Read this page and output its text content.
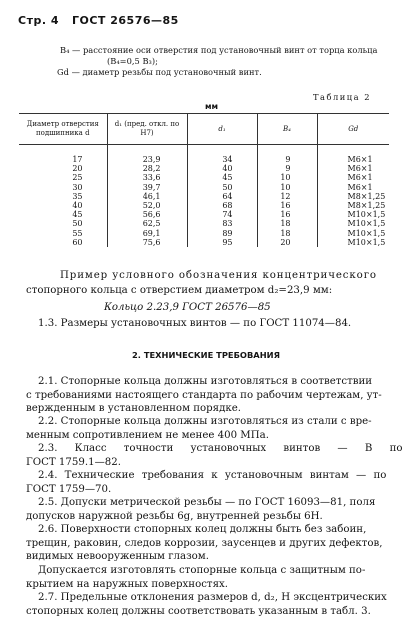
Стр. 4 ГОСТ 26576—85
B₄ — расстояние оси отверстия под установочный винт от торца кольца
(B₄=0,5 B₃);
Gd — диаметр резьбы под установочный винт.
Таблица 2
мм
Диаметр отверстия подшипника d	d₁ (пред. откл. по H7)	d₁	B₄	Gd
17	23,9	34	9	M6×1
20	28,2	40	9	M6×1
25	33,6	45	10	M6×1
30	39,7	50	10	M6×1
35	46,1	64	12	M8×1,25
40	52,0	68	16	M8×1,25
45	56,6	74	16	M10×1,5
50	62,5	83	18	M10×1,5
55	69,1	89	18	M10×1,5
60	75,6	95	20	M10×1,5
Пример условного обозначения концентрического
стопорного кольца с отверстием диаметром d₂=23,9 мм:
Кольцо 2.23,9 ГОСТ 26576—85
1.3. Размеры установочных винтов — по ГОСТ 11074—84.
2. ТЕХНИЧЕСКИЕ ТРЕБОВАНИЯ
2.1. Стопорные кольца должны изготовляться в соответствии
с требованиями настоящего стандарта по рабочим чертежам, ут-
вержденным в установленном порядке.
2.2. Стопорные кольца должны изготовляться из стали с вре-
менным сопротивлением не менее 400 МПа.
2.3. Класс точности установочных винтов — В по
ГОСТ 1759.1—82.
2.4. Технические требования к установочным винтам — по
ГОСТ 1759—70.
2.5. Допуски метрической резьбы — по ГОСТ 16093—81, поля
допусков наружной резьбы 6g, внутренней резьбы 6H.
2.6. Поверхности стопорных колец должны быть без забоин,
трещин, раковин, следов коррозии, заусенцев и других дефектов,
видимых невооруженным глазом.
Допускается изготовлять стопорные кольца с защитным по-
крытием на наружных поверхностях.
2.7. Предельные отклонения размеров d, d₂, H эксцентрических
стопорных колец должны соответствовать указанным в табл. 3.
